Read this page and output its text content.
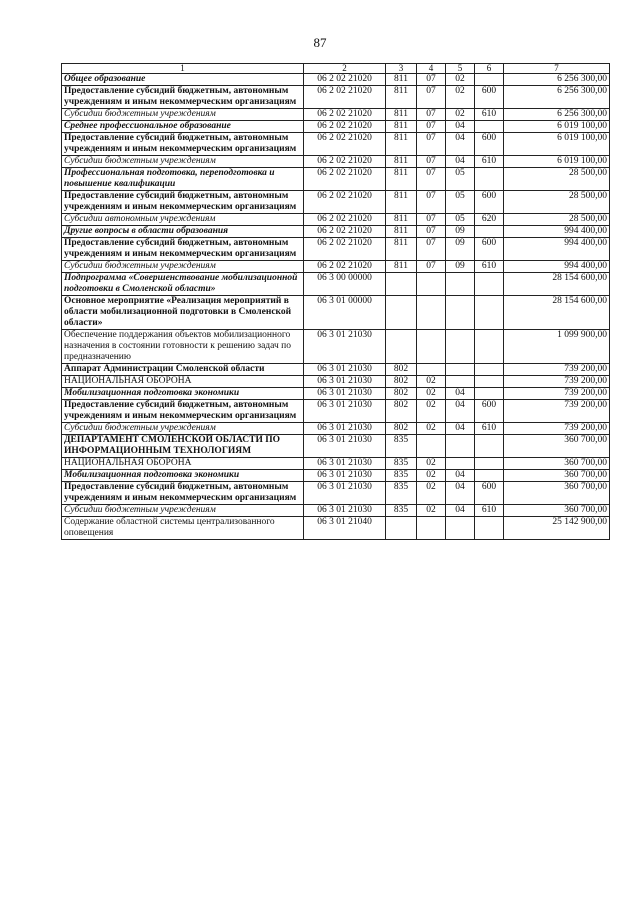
87
1	2	3	4	5	6	7
Общее образование	06 2 02 21020	811	07	02		6 256 300,00
Предоставление субсидий бюджетным, автономным учреждениям и иным некоммерческим организациям	06 2 02 21020	811	07	02	600	6 256 300,00
Субсидии бюджетным учреждениям	06 2 02 21020	811	07	02	610	6 256 300,00
Среднее профессиональное образование	06 2 02 21020	811	07	04		6 019 100,00
Предоставление субсидий бюджетным, автономным учреждениям и иным некоммерческим организациям	06 2 02 21020	811	07	04	600	6 019 100,00
Субсидии бюджетным учреждениям	06 2 02 21020	811	07	04	610	6 019 100,00
Профессиональная подготовка, переподготовка и повышение квалификации	06 2 02 21020	811	07	05		28 500,00
Предоставление субсидий бюджетным, автономным учреждениям и иным некоммерческим организациям	06 2 02 21020	811	07	05	600	28 500,00
Субсидии автономным учреждениям	06 2 02 21020	811	07	05	620	28 500,00
Другие вопросы в области образования	06 2 02 21020	811	07	09		994 400,00
Предоставление субсидий бюджетным, автономным учреждениям и иным некоммерческим организациям	06 2 02 21020	811	07	09	600	994 400,00
Субсидии бюджетным учреждениям	06 2 02 21020	811	07	09	610	994 400,00
Подпрограмма «Совершенствование мобилизационной подготовки в Смоленской области»	06 3 00 00000					28 154 600,00
Основное мероприятие «Реализация мероприятий в области мобилизационной подготовки в Смоленской области»	06 3 01 00000					28 154 600,00
Обеспечение поддержания объектов мобилизационного назначения в состоянии готовности к решению задач по предназначению	06 3 01 21030					1 099 900,00
Аппарат Администрации Смоленской области	06 3 01 21030	802				739 200,00
НАЦИОНАЛЬНАЯ ОБОРОНА	06 3 01 21030	802	02			739 200,00
Мобилизационная подготовка экономики	06 3 01 21030	802	02	04		739 200,00
Предоставление субсидий бюджетным, автономным учреждениям и иным некоммерческим организациям	06 3 01 21030	802	02	04	600	739 200,00
Субсидии бюджетным учреждениям	06 3 01 21030	802	02	04	610	739 200,00
ДЕПАРТАМЕНТ СМОЛЕНСКОЙ ОБЛАСТИ ПО ИНФОРМАЦИОННЫМ ТЕХНОЛОГИЯМ	06 3 01 21030	835				360 700,00
НАЦИОНАЛЬНАЯ ОБОРОНА	06 3 01 21030	835	02			360 700,00
Мобилизационная подготовка экономики	06 3 01 21030	835	02	04		360 700,00
Предоставление субсидий бюджетным, автономным учреждениям и иным некоммерческим организациям	06 3 01 21030	835	02	04	600	360 700,00
Субсидии бюджетным учреждениям	06 3 01 21030	835	02	04	610	360 700,00
Содержание областной системы централизованного оповещения	06 3 01 21040					25 142 900,00
